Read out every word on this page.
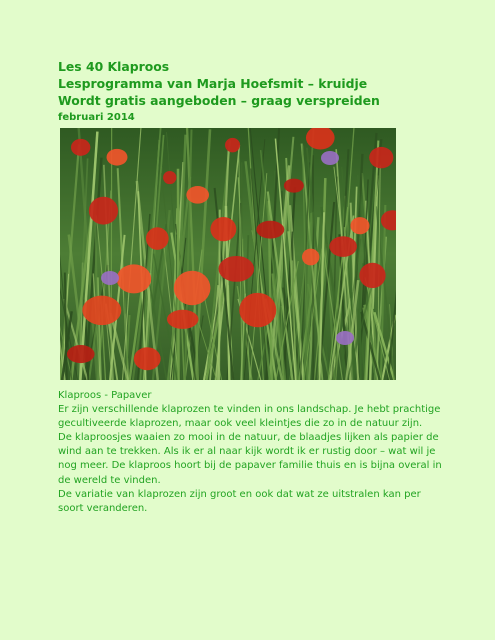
Les 40 Klaproos
Lesprogramma van Marja Hoefsmit – kruidje
Wordt gratis aangeboden – graag verspreiden
februari 2014

Klaproos - Papaver

Er zijn verschillende klaprozen te vinden in ons landschap. Je hebt prachtige gecultiveerde klaprozen, maar ook veel kleintjes die zo in de natuur zijn.

De klaproosjes waaien zo mooi in de natuur, de blaadjes lijken als papier de wind aan te trekken. Als ik er al naar kijk wordt ik er rustig door – wat wil je nog meer. De klaproos hoort bij de papaver familie thuis en is bijna overal in de wereld te vinden.

De variatie van klaprozen zijn groot en ook dat wat ze uitstralen kan per soort veranderen.
